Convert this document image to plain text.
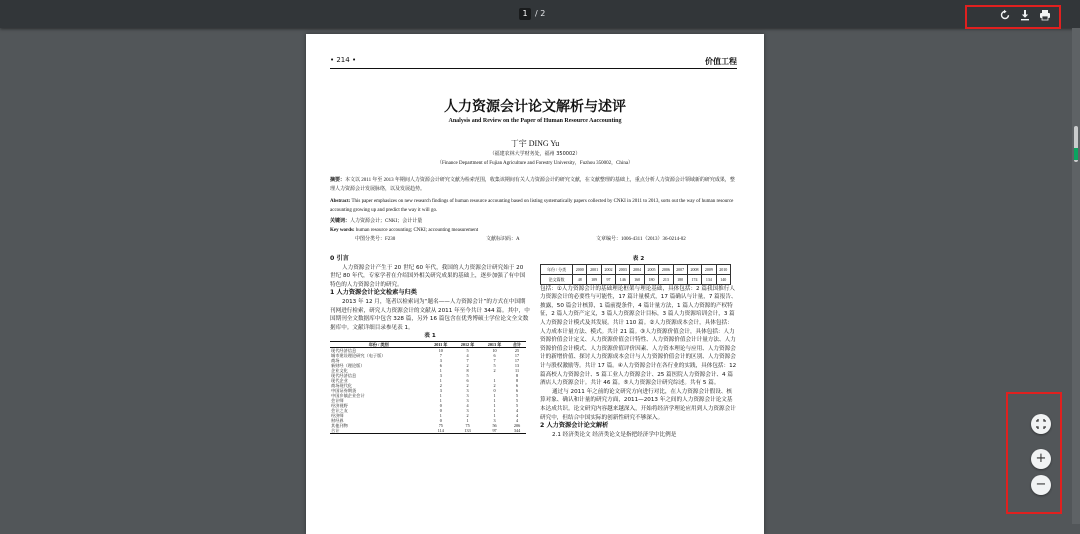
1 / 2
• 214 •	价值工程
人力资源会计论文解析与述评
Analysis and Review on the Paper of Human Resource Aaccounting
丁宇 DING Yu
（福建农林大学财务处，福州 350002）
（Finance Department of Fujian Agriculture and Forestry University，Fuzhou 350002，China）
摘要：本文以 2011 年至 2013 年期间人力资源会计研究文献为检索范围，收集该期间有关人力资源会计的研究文献，在文献整理的基础上，重点分析人力资源会计领域新的研究成果，整理人力资源会计发展脉络，以及发展趋势。
Abstract: This paper emphasizes on new research findings of human resource accounting based on listing systematically papers collected by CNKI in 2011 to 2013, sorts out the way of human resource accounting growing up and predict the way it will go.
关键词：人力资源会计；CNKI；会计计量
Key words: human resource accounting; CNKI; accounting measurement
中图分类号：F230	文献标识码：A	文章编号：1006-4311（2013）36-0214-02
0 引言
人力资源会计产生于 20 世纪 60 年代，我国的人力资源会计研究始于 20 世纪 80 年代，专家学者在介绍国外相关研究成果的基础上，逐步加强了有中国特色的人力资源会计的研究。
1 人力资源会计论文检索与归类
2013 年 12 月，笔者以检索词为“题名——人力资源会计”的方式在中国期刊网进行检索，研究人力资源会计的文献从 2011 年至今共计 344 篇。其中，中国期刊全文数据库中包含 328 篇，另外 16 篇包含在优秀博硕士学位论文全文数据库中。文献详细目录参见表 1。
表 1
年份 / 类别	2011 年	2012 年	2013 年	合计
现代经济信息	10	5	10	25
城市建设理论研究（电子版）	7	4	6	17
商场	3	7	7	17
新财经（理论版）	6	2	5	13
企业文化	1	8	2	11
现代经济信息	3	5		8
现代企业	1	6	1	8
商场现代化	2	2	2	6
中国证券期货	3	3	0	6
中国乡镇企业会计	1	3	1	5
会计师	1	3	1	5
经济视野	0	4	1	5
会计之友	0	3	1	4
经济师	1	2	1	4
财经界	0	1	3	4
其他刊物	75	75	56	206
合计	114	133	97	344
表 2
年份 / 分类	2000	2001	2002	2003	2004	2005	2006	2007	2008	2009	2010
论文篇数	48	109	97	146	160	180	213	180	174	134	140
包括：①人力资源会计的基础理论框架与理论基础，具体包括：2 篇我国推行人力资源会计的必要性与可能性，17 篇计量模式，17 篇确认与计量，7 篇报告、披露，50 篇会计核算，1 篇前提条件，4 篇计量方法，1 篇人力资源的产权特征，2 篇人力资产定义，3 篇人力资源会计目标，3 篇人力资源培训会计，3 篇人力资源会计模式及其发展。共计 110 篇。②人力资源成本会计，具体包括：人力成本计量方法、模式。共计 21 篇。③人力资源价值会计，具体包括：人力资源价值会计定义、人力资源价值会计特性、人力资源价值会计计量方法、人力资源价值会计模式、人力资源价值评价因素、人力资本理论与应用、人力资源会计的新增价值、探讨人力资源成本会计与人力资源价值会计的区别、人力资源会计与股权激励等。共计 17 篇。④人力资源会计在各行业的实践，具体包括：12 篇高校人力资源会计、5 篇工业人力资源会计、25 篇医院人力资源会计、4 篇酒店人力资源会计。共计 46 篇。⑤人力资源会计研究综述。共有 5 篇。
通过与 2011 年之前的论文研究方向进行对比，在人力资源会计假设、核算对象、确认和计量的研究方面，2011—2013 年之间的人力资源会计论文基本达成共识。论文研究内容越来越深入，开始将经济学理论应用到人力资源会计研究中，但结合中国实际的创新性研究不够深入。
2 人力资源会计论文解析
2.1 经济类论文 经济类论文是指把经济学中比例是
+
−
